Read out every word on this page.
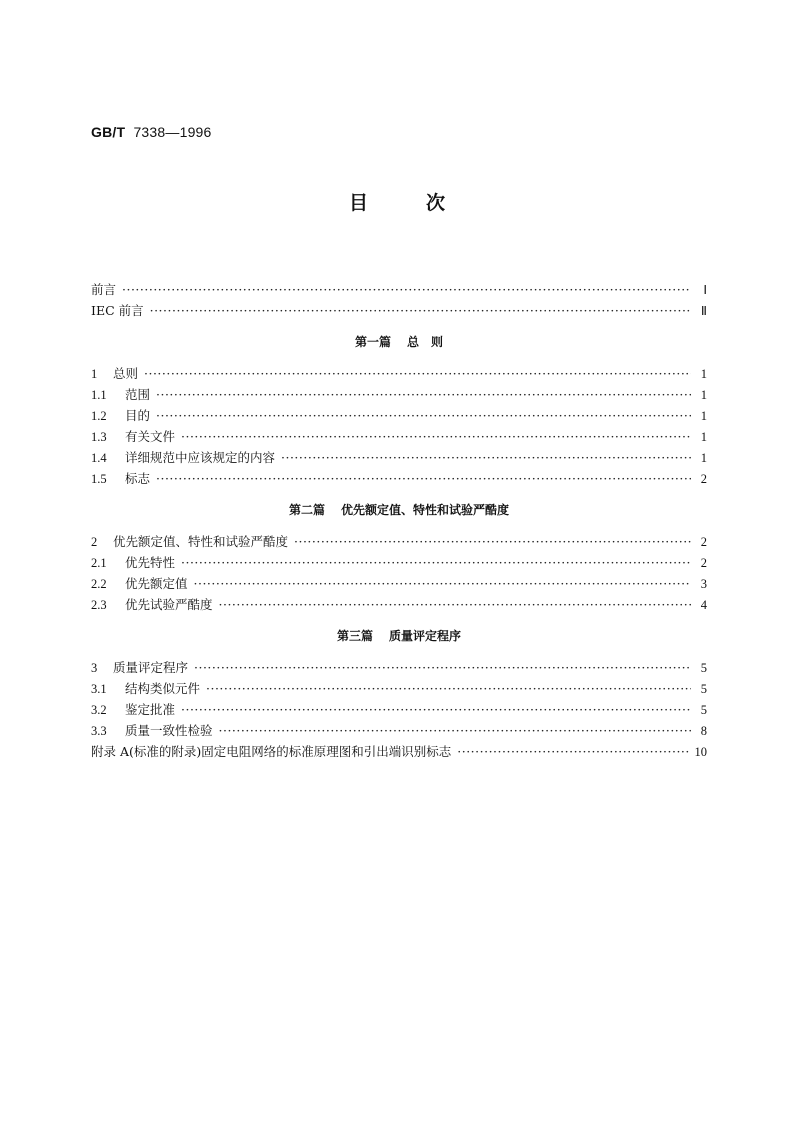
GB/T 7338—1996
目次
前言 ·····	Ⅰ
IEC 前言 ·····	Ⅱ
第一篇 总　则
1	总则 ·····	1
1.1	范围 ·····	1
1.2	目的 ·····	1
1.3	有关文件 ·····	1
1.4	详细规范中应该规定的内容 ·····	1
1.5	标志 ·····	2
第二篇 优先额定值、特性和试验严酷度
2	优先额定值、特性和试验严酷度 ·····	2
2.1	优先特性 ·····	2
2.2	优先额定值 ·····	3
2.3	优先试验严酷度 ·····	4
第三篇 质量评定程序
3	质量评定程序 ·····	5
3.1	结构类似元件 ·····	5
3.2	鉴定批准 ·····	5
3.3	质量一致性检验 ·····	8
附录 A(标准的附录)固定电阻网络的标准原理图和引出端识别标志 ·····	10
